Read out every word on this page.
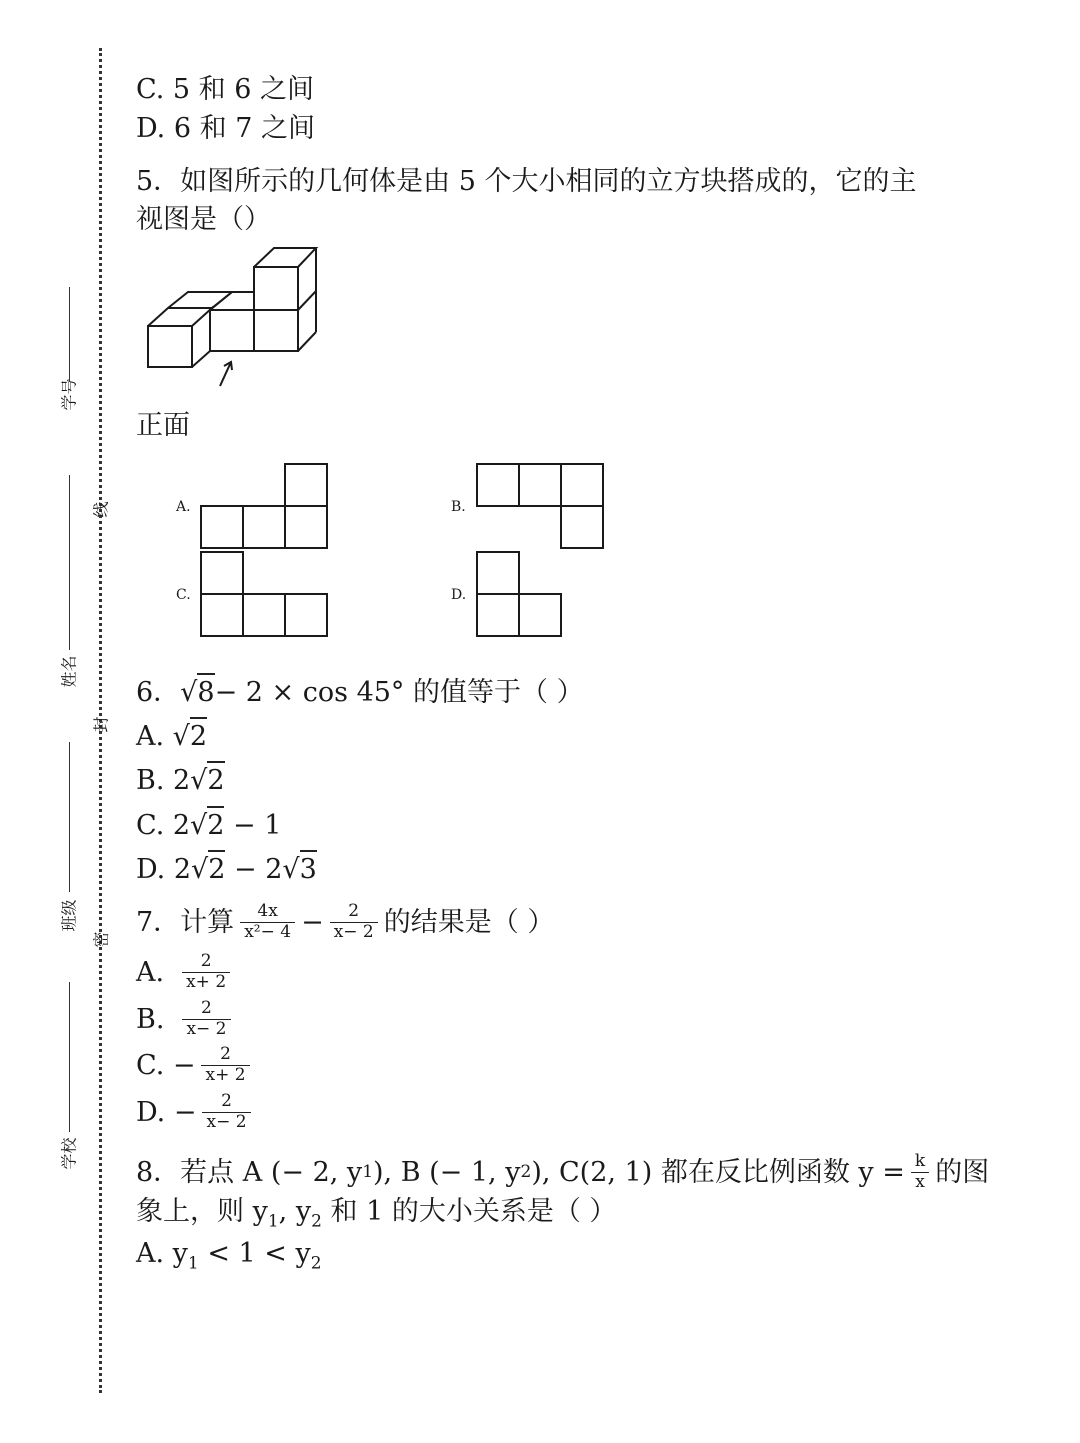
学号
姓名
班级
学校
线
封
密
C. 5 和 6 之间
D. 6 和 7 之间
5．如图所示的几何体是由 5 个大小相同的立方块搭成的，它的主
视图是（）
正面
A.	B.
C.	D.
6．√8− 2 × cos 45° 的值等于（ ）
A. √2
B. 2√2
C. 2√2 − 1
D. 2√2 − 2√3
7．计算 $\frac{4x}{\text{x²− 4}} - \frac{2}{x- 2}$ 的结果是（ ）
A. $\frac{2}{x+ 2}$
B. $\frac{2}{x- 2}$
C. − $\frac{2}{x+ 2}$
D. − $\frac{2}{x- 2}$
8．若点 A (− 2, y 1 ), B (− 1, y 2 ), C(2, 1) 都在反比例函数 $y = \frac{k}{x}$ 的图
象上，则 $y_1$, $y_2$ 和 1 的大小关系是（ ）
A. $y_1 < 1 < y_2$
